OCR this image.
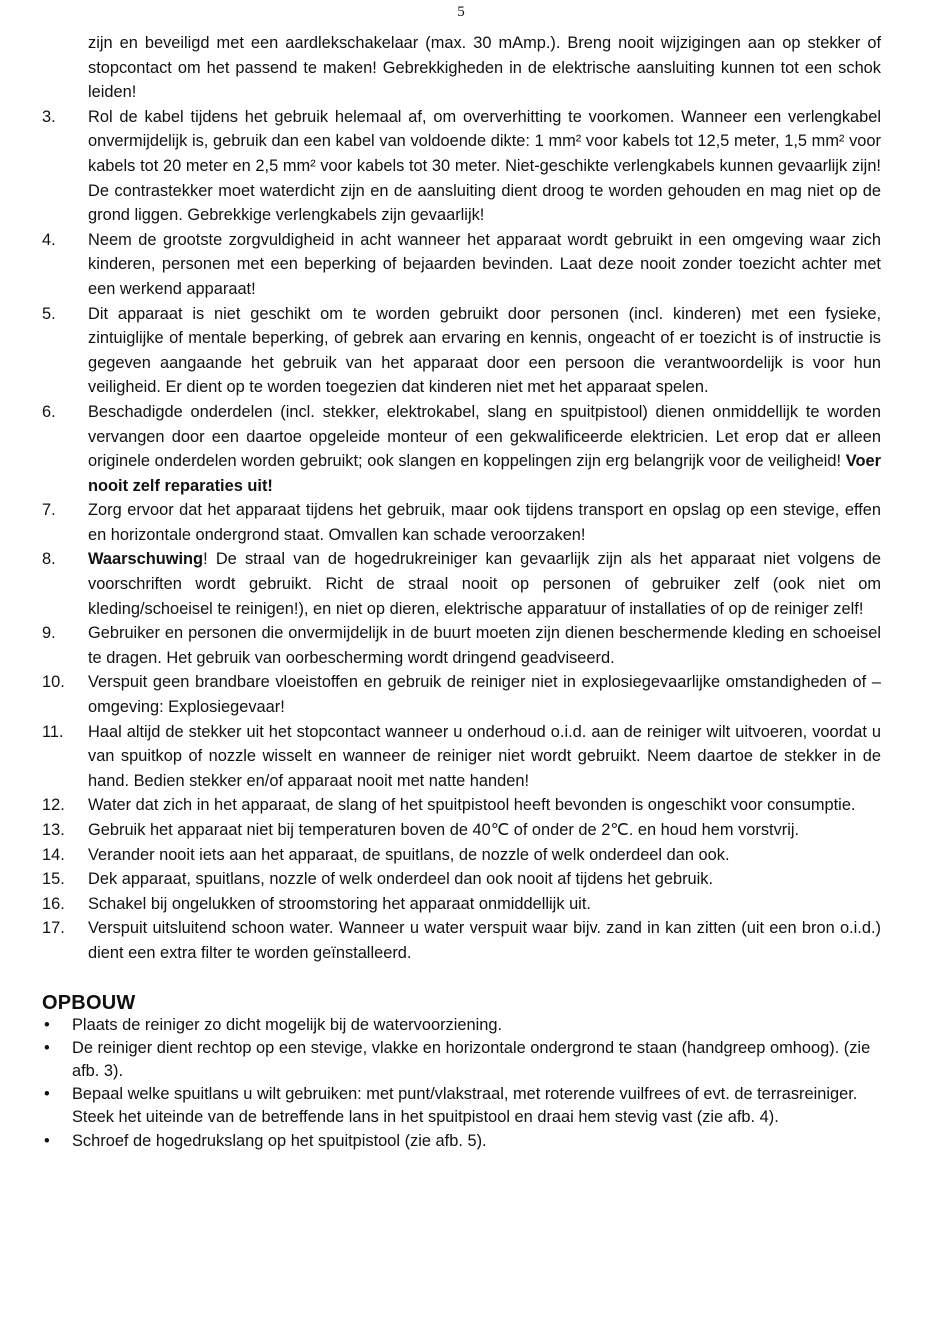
5

zijn en beveiligd met een aardlekschakelaar (max. 30 mAmp.). Breng nooit wijzigingen aan op stekker of stopcontact om het passend te maken! Gebrekkigheden in de elektrische aansluiting kunnen tot een schok leiden!

3.	Rol de kabel tijdens het gebruik helemaal af, om oververhitting te voorkomen. Wanneer een verlengkabel onvermijdelijk is, gebruik dan een kabel van voldoende dikte: 1 mm² voor kabels tot 12,5 meter, 1,5 mm² voor kabels tot 20 meter en 2,5 mm² voor kabels tot 30 meter. Niet-geschikte verlengkabels kunnen gevaarlijk zijn! De contrastekker moet waterdicht zijn en de aansluiting dient droog te worden gehouden en mag niet op de grond liggen. Gebrekkige verlengkabels zijn gevaarlijk!
4.	Neem de grootste zorgvuldigheid in acht wanneer het apparaat wordt gebruikt in een omgeving waar zich kinderen, personen met een beperking of bejaarden bevinden. Laat deze nooit zonder toezicht achter met een werkend apparaat!
5.	Dit apparaat is niet geschikt om te worden gebruikt door personen (incl. kinderen) met een fysieke, zintuiglijke of mentale beperking, of gebrek aan ervaring en kennis, ongeacht of er toezicht is of instructie is gegeven aangaande het gebruik van het apparaat door een persoon die verantwoordelijk is voor hun veiligheid. Er dient op te worden toegezien dat kinderen niet met het apparaat spelen.
6.	Beschadigde onderdelen (incl. stekker, elektrokabel, slang en spuitpistool) dienen onmiddellijk te worden vervangen door een daartoe opgeleide monteur of een gekwalificeerde elektricien. Let erop dat er alleen originele onderdelen worden gebruikt; ook slangen en koppelingen zijn erg belangrijk voor de veiligheid! Voer nooit zelf reparaties uit!
7.	Zorg ervoor dat het apparaat tijdens het gebruik, maar ook tijdens transport en opslag op een stevige, effen en horizontale ondergrond staat. Omvallen kan schade veroorzaken!
8.	Waarschuwing! De straal van de hogedrukreiniger kan gevaarlijk zijn als het apparaat niet volgens de voorschriften wordt gebruikt. Richt de straal nooit op personen of gebruiker zelf (ook niet om kleding/schoeisel te reinigen!), en niet op dieren, elektrische apparatuur of installaties of op de reiniger zelf!
9.	Gebruiker en personen die onvermijdelijk in de buurt moeten zijn dienen beschermende kleding en schoeisel te dragen. Het gebruik van oorbescherming wordt dringend geadviseerd.
10.	Verspuit geen brandbare vloeistoffen en gebruik de reiniger niet in explosiegevaarlijke omstandigheden of –omgeving: Explosiegevaar!
11.	Haal altijd de stekker uit het stopcontact wanneer u onderhoud o.i.d. aan de reiniger wilt uitvoeren, voordat u van spuitkop of nozzle wisselt en wanneer de reiniger niet wordt gebruikt. Neem daartoe de stekker in de hand. Bedien stekker en/of apparaat nooit met natte handen!
12.	Water dat zich in het apparaat, de slang of het spuitpistool heeft bevonden is ongeschikt voor consumptie.
13.	Gebruik het apparaat niet bij temperaturen boven de 40℃ of onder de 2℃. en houd hem vorstvrij.
14.	Verander nooit iets aan het apparaat, de spuitlans, de nozzle of welk onderdeel dan ook.
15.	Dek apparaat, spuitlans, nozzle of welk onderdeel dan ook nooit af tijdens het gebruik.
16.	Schakel bij ongelukken of stroomstoring het apparaat onmiddellijk uit.
17.	Verspuit uitsluitend schoon water. Wanneer u water verspuit waar bijv. zand in kan zitten (uit een bron o.i.d.) dient een extra filter te worden geïnstalleerd.
OPBOUW
•	Plaats de reiniger zo dicht mogelijk bij de watervoorziening.
•	De reiniger dient rechtop op een stevige, vlakke en horizontale ondergrond te staan (handgreep omhoog). (zie afb. 3).
•	Bepaal welke spuitlans u wilt gebruiken: met punt/vlakstraal, met roterende vuilfrees of evt. de terrasreiniger. Steek het uiteinde van de betreffende lans in het spuitpistool en draai hem stevig vast (zie afb. 4).
•	Schroef de hogedrukslang op het spuitpistool (zie afb. 5).
